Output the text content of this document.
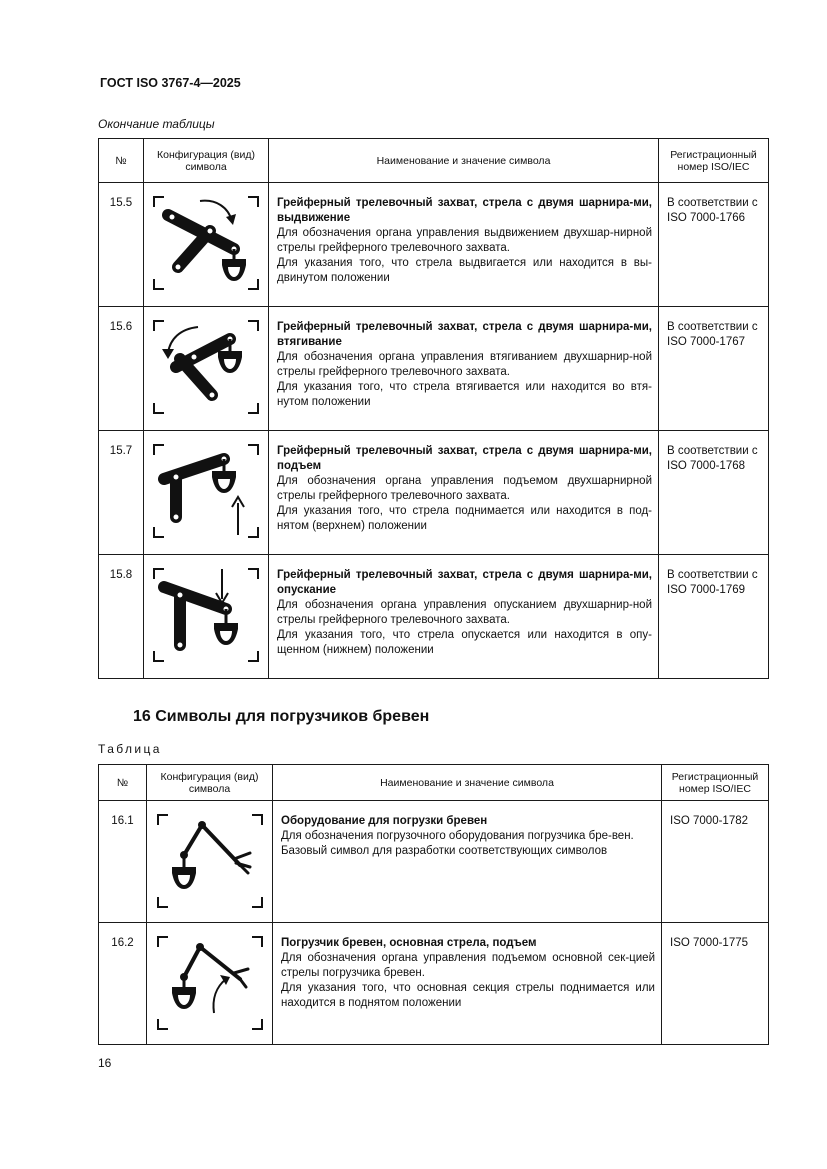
ГОСТ ISO 3767-4—2025
Окончание таблицы
№	Конфигурация (вид) символа	Наименование и значение символа	Регистрационный номер ISO/IEC
15.5		Грейферный трелевочный захват, стрела с двумя шарнира-ми, выдвижение
Для обозначения органа управления выдвижением двухшар-нирной стрелы грейферного трелевочного захвата.
Для указания того, что стрела выдвигается или находится в вы-двинутом положении	В соответствии с ISO 7000-1766
15.6		Грейферный трелевочный захват, стрела с двумя шарнира-ми, втягивание
Для обозначения органа управления втягиванием двухшарнир-ной стрелы грейферного трелевочного захвата.
Для указания того, что стрела втягивается или находится во втя-нутом положении	В соответствии с ISO 7000-1767
15.7		Грейферный трелевочный захват, стрела с двумя шарнира-ми, подъем
Для обозначения органа управления подъемом двухшарнирной стрелы грейферного трелевочного захвата.
Для указания того, что стрела поднимается или находится в под-нятом (верхнем) положении	В соответствии с ISO 7000-1768
15.8		Грейферный трелевочный захват, стрела с двумя шарнира-ми, опускание
Для обозначения органа управления опусканием двухшарнир-ной стрелы грейферного трелевочного захвата.
Для указания того, что стрела опускается или находится в опу-щенном (нижнем) положении	В соответствии с ISO 7000-1769
16 Символы для погрузчиков бревен
Таблица
№	Конфигурация (вид) символа	Наименование и значение символа	Регистрационный номер ISO/IEC
16.1		Оборудование для погрузки бревен
Для обозначения погрузочного оборудования погрузчика бре-вен.
Базовый символ для разработки соответствующих символов	ISO 7000-1782
16.2		Погрузчик бревен, основная стрела, подъем
Для обозначения органа управления подъемом основной сек-цией стрелы погрузчика бревен.
Для указания того, что основная секция стрелы поднимается или находится в поднятом положении	ISO 7000-1775
16
